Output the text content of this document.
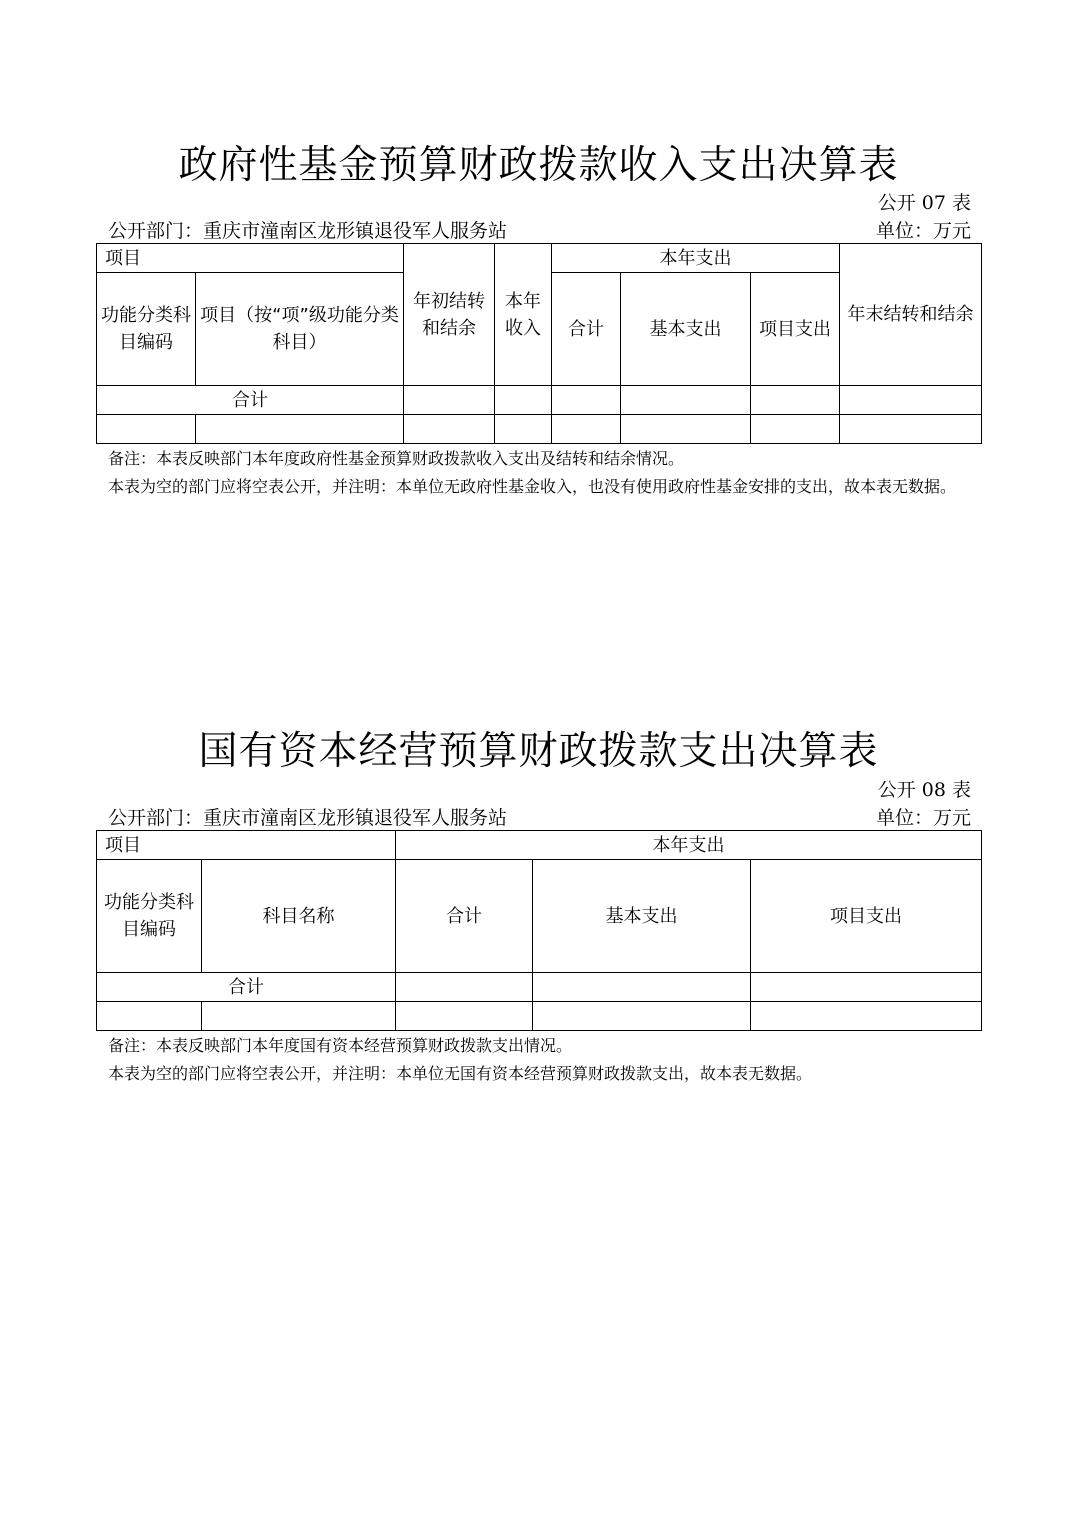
政府性基金预算财政拨款收入支出决算表
公开 07 表
公开部门：重庆市潼南区龙形镇退役军人服务站	单位：万元
项目		年初结转和结余	本年收入	本年支出			年末结转和结余
功能分类科目编码	项目（按“项”级功能分类科目）			合计	基本支出	项目支出	
合计							

备注：本表反映部门本年度政府性基金预算财政拨款收入支出及结转和结余情况。
本表为空的部门应将空表公开，并注明：本单位无政府性基金收入，也没有使用政府性基金安排的支出，故本表无数据。
国有资本经营预算财政拨款支出决算表
公开 08 表
公开部门：重庆市潼南区龙形镇退役军人服务站	单位：万元
项目		本年支出		
功能分类科目编码	科目名称	合计	基本支出	项目支出
合计				

备注：本表反映部门本年度国有资本经营预算财政拨款支出情况。
本表为空的部门应将空表公开，并注明：本单位无国有资本经营预算财政拨款支出，故本表无数据。
